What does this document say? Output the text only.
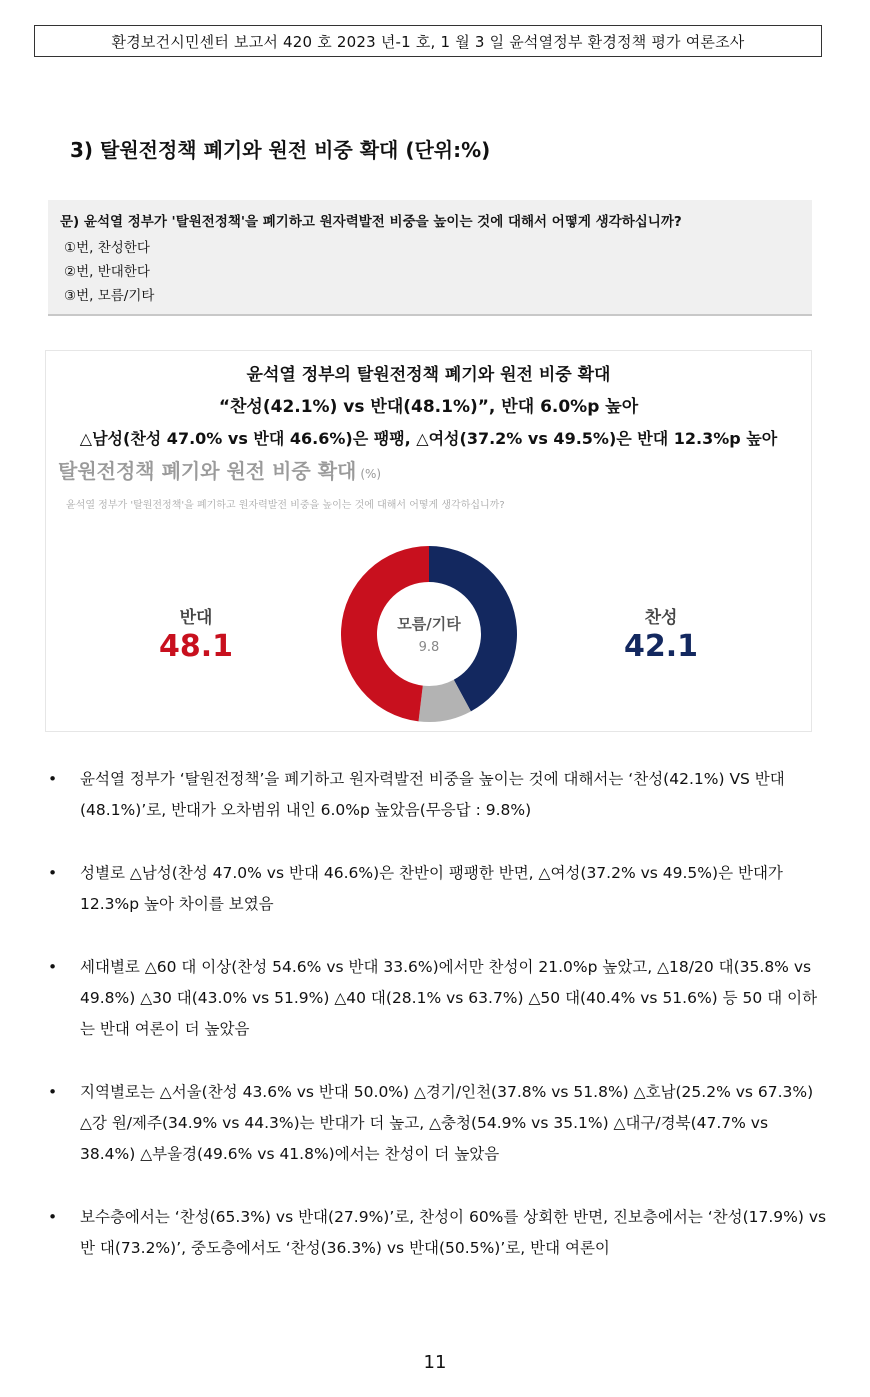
환경보건시민센터 보고서 420 호 2023 년-1 호, 1 월 3 일 윤석열정부 환경정책 평가 여론조사
3) 탈원전정책 폐기와 원전 비중 확대 (단위:%)
문) 윤석열 정부가 '탈원전정책'을 폐기하고 원자력발전 비중을 높이는 것에 대해서 어떻게 생각하십니까?
①번, 찬성한다
②번, 반대한다
③번, 모름/기타
윤석열 정부의 탈원전정책 폐기와 원전 비중 확대
“찬성(42.1%) vs 반대(48.1%)”, 반대 6.0%p 높아
△남성(찬성 47.0% vs 반대 46.6%)은 팽팽, △여성(37.2% vs 49.5%)은 반대 12.3%p 높아
탈원전정책 폐기와 원전 비중 확대 (%)
윤석열 정부가 '탈원전정책'을 폐기하고 원자력발전 비중을 높이는 것에 대해서 어떻게 생각하십니까?
반대
48.1
찬성
42.1
모름/기타
9.8
• 윤석열 정부가 ‘탈원전정책’을 폐기하고 원자력발전 비중을 높이는 것에 대해서는 ‘찬성(42.1%) VS 반대 (48.1%)’로, 반대가 오차범위 내인 6.0%p 높았음(무응답 : 9.8%)
• 성별로 △남성(찬성 47.0% vs 반대 46.6%)은 찬반이 팽팽한 반면, △여성(37.2% vs 49.5%)은 반대가 12.3%p 높아 차이를 보였음
• 세대별로 △60 대 이상(찬성 54.6% vs 반대 33.6%)에서만 찬성이 21.0%p 높았고, △18/20 대(35.8% vs 49.8%) △30 대(43.0% vs 51.9%) △40 대(28.1% vs 63.7%) △50 대(40.4% vs 51.6%) 등 50 대 이하는 반대 여론이 더 높았음
• 지역별로는 △서울(찬성 43.6% vs 반대 50.0%) △경기/인천(37.8% vs 51.8%) △호남(25.2% vs 67.3%) △강 원/제주(34.9% vs 44.3%)는 반대가 더 높고, △충청(54.9% vs 35.1%) △대구/경북(47.7% vs 38.4%) △부울경(49.6% vs 41.8%)에서는 찬성이 더 높았음
• 보수층에서는 ‘찬성(65.3%) vs 반대(27.9%)’로, 찬성이 60%를 상회한 반면, 진보층에서는 ‘찬성(17.9%) vs 반 대(73.2%)’, 중도층에서도 ‘찬성(36.3%) vs 반대(50.5%)’로, 반대 여론이
11
